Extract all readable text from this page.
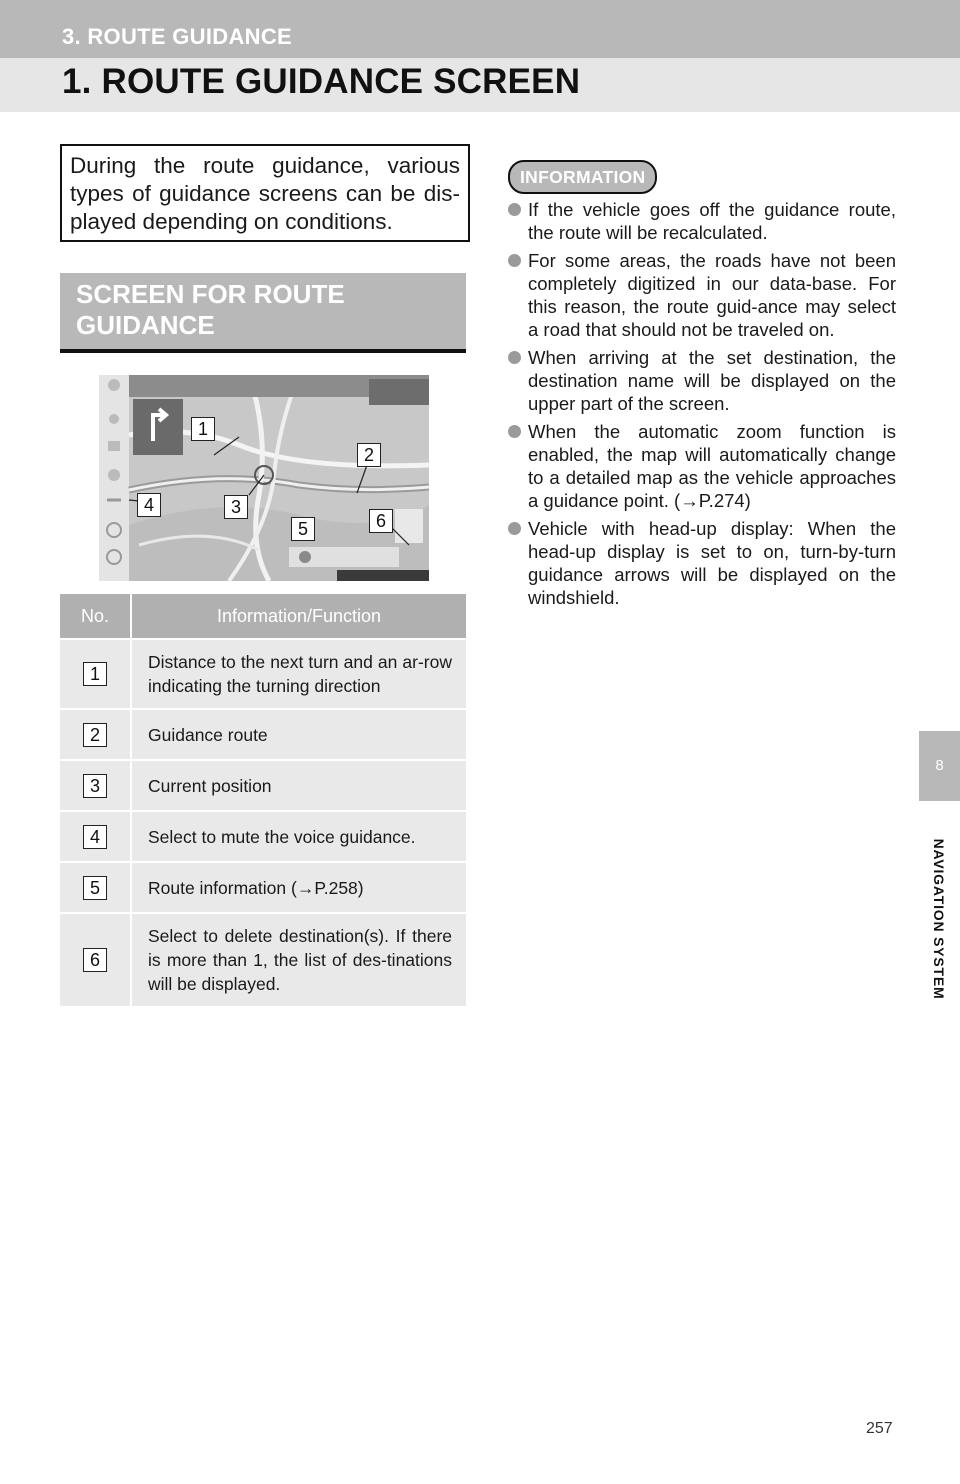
3. ROUTE GUIDANCE
1. ROUTE GUIDANCE SCREEN
During the route guidance, various types of guidance screens can be dis-played depending on conditions.
SCREEN FOR ROUTE GUIDANCE
1
2
3
4
5	6
No.	Information/Function
1	Distance to the next turn and an ar-row indicating the turning direction
2	Guidance route
3	Current position
4	Select to mute the voice guidance.
5	Route information (→P.258)
6	Select to delete destination(s). If there is more than 1, the list of des-tinations will be displayed.
INFORMATION
If the vehicle goes off the guidance route, the route will be recalculated.
For some areas, the roads have not been completely digitized in our data-base. For this reason, the route guid-ance may select a road that should not be traveled on.
When arriving at the set destination, the destination name will be displayed on the upper part of the screen.
When the automatic zoom function is enabled, the map will automatically change to a detailed map as the vehicle approaches a guidance point. (→P.274)
Vehicle with head-up display: When the head-up display is set to on, turn-by-turn guidance arrows will be displayed on the windshield.
8
NAVIGATION SYSTEM
257
